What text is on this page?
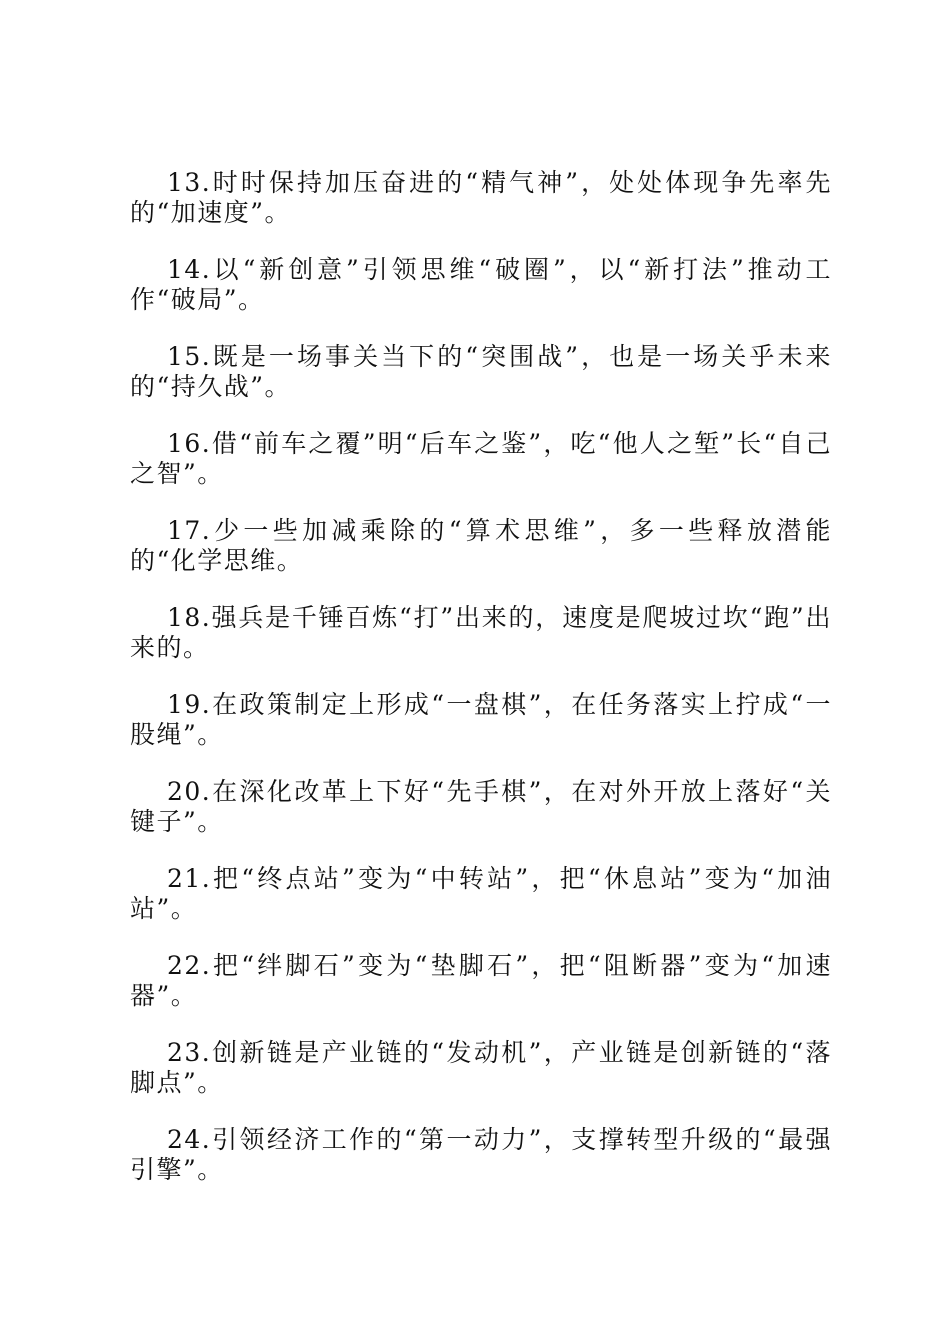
13.时时保持加压奋进的“精气神”，处处体现争先率先的“加速度”。

14.以“新创意”引领思维“破圈”，以“新打法”推动工作“破局”。

15.既是一场事关当下的“突围战”，也是一场关乎未来的“持久战”。

16.借“前车之覆”明“后车之鉴”，吃“他人之堑”长“自己之智”。

17.少一些加减乘除的“算术思维”，多一些释放潜能的“化学思维。

18.强兵是千锤百炼“打”出来的，速度是爬坡过坎“跑”出来的。

19.在政策制定上形成“一盘棋”，在任务落实上拧成“一股绳”。

20.在深化改革上下好“先手棋”，在对外开放上落好“关键子”。

21.把“终点站”变为“中转站”，把“休息站”变为“加油站”。

22.把“绊脚石”变为“垫脚石”，把“阻断器”变为“加速器”。

23.创新链是产业链的“发动机”，产业链是创新链的“落脚点”。

24.引领经济工作的“第一动力”，支撑转型升级的“最强引擎”。
